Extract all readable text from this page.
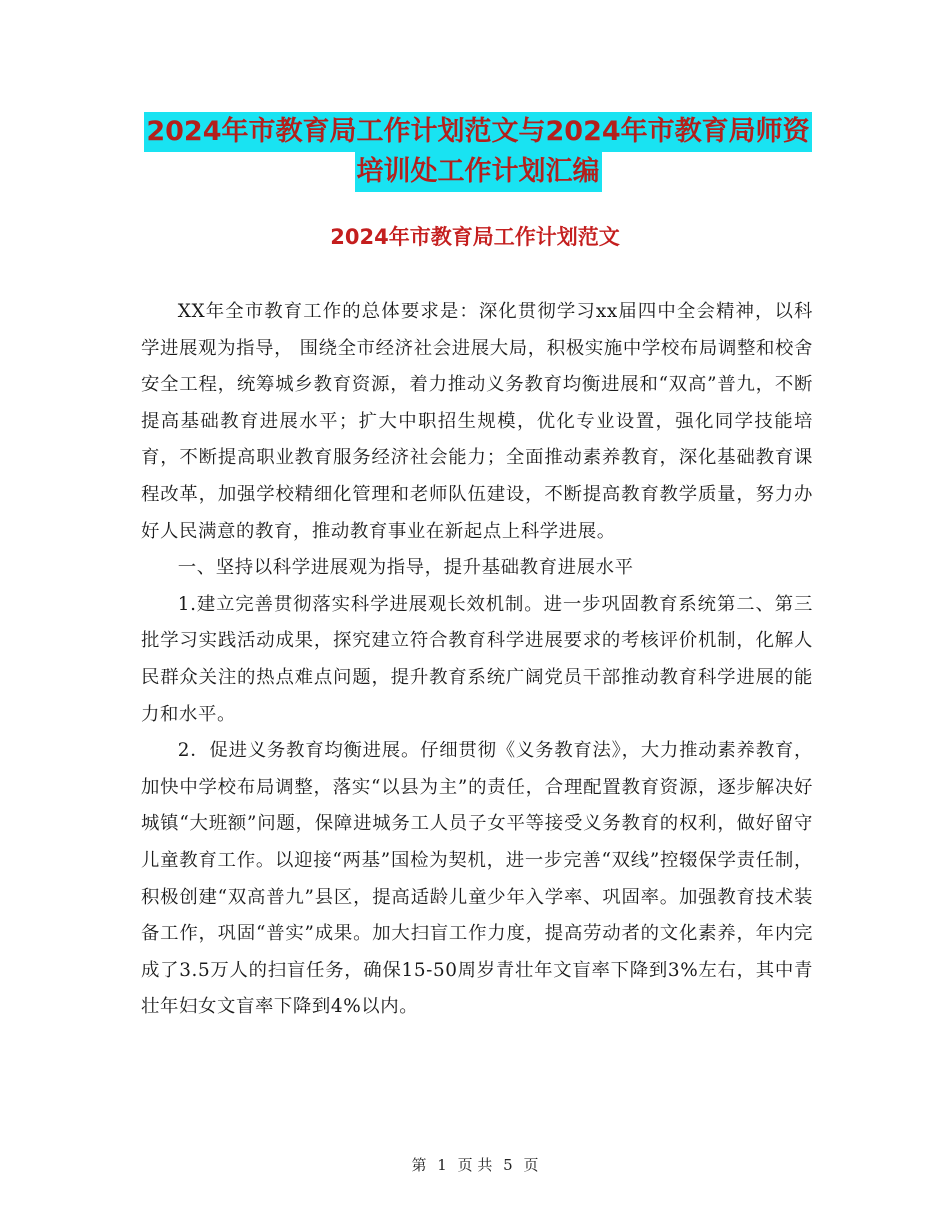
2024年市教育局工作计划范文与2024年市教育局师资
培训处工作计划汇编
2024年市教育局工作计划范文

XX年全市教育工作的总体要求是：深化贯彻学习xx届四中全会精神，以科学进展观为指导， 围绕全市经济社会进展大局，积极实施中学校布局调整和校舍安全工程，统筹城乡教育资源，着力推动义务教育均衡进展和“双高”普九，不断提高基础教育进展水平；扩大中职招生规模，优化专业设置，强化同学技能培育，不断提高职业教育服务经济社会能力；全面推动素养教育，深化基础教育课程改革，加强学校精细化管理和老师队伍建设，不断提高教育教学质量，努力办好人民满意的教育，推动教育事业在新起点上科学进展。

一、坚持以科学进展观为指导，提升基础教育进展水平

1.建立完善贯彻落实科学进展观长效机制。进一步巩固教育系统第二、第三批学习实践活动成果，探究建立符合教育科学进展要求的考核评价机制，化解人民群众关注的热点难点问题，提升教育系统广阔党员干部推动教育科学进展的能力和水平。

2．促进义务教育均衡进展。仔细贯彻《义务教育法》，大力推动素养教育，加快中学校布局调整，落实“以县为主”的责任，合理配置教育资源，逐步解决好城镇“大班额”问题，保障进城务工人员子女平等接受义务教育的权利，做好留守儿童教育工作。以迎接“两基”国检为契机，进一步完善“双线”控辍保学责任制，积极创建“双高普九”县区，提高适龄儿童少年入学率、巩固率。加强教育技术装备工作，巩固“普实”成果。加大扫盲工作力度，提高劳动者的文化素养，年内完成了3.5万人的扫盲任务，确保15-50周岁青壮年文盲率下降到3%左右，其中青壮年妇女文盲率下降到4%以内。

第 1 页 共 5 页
